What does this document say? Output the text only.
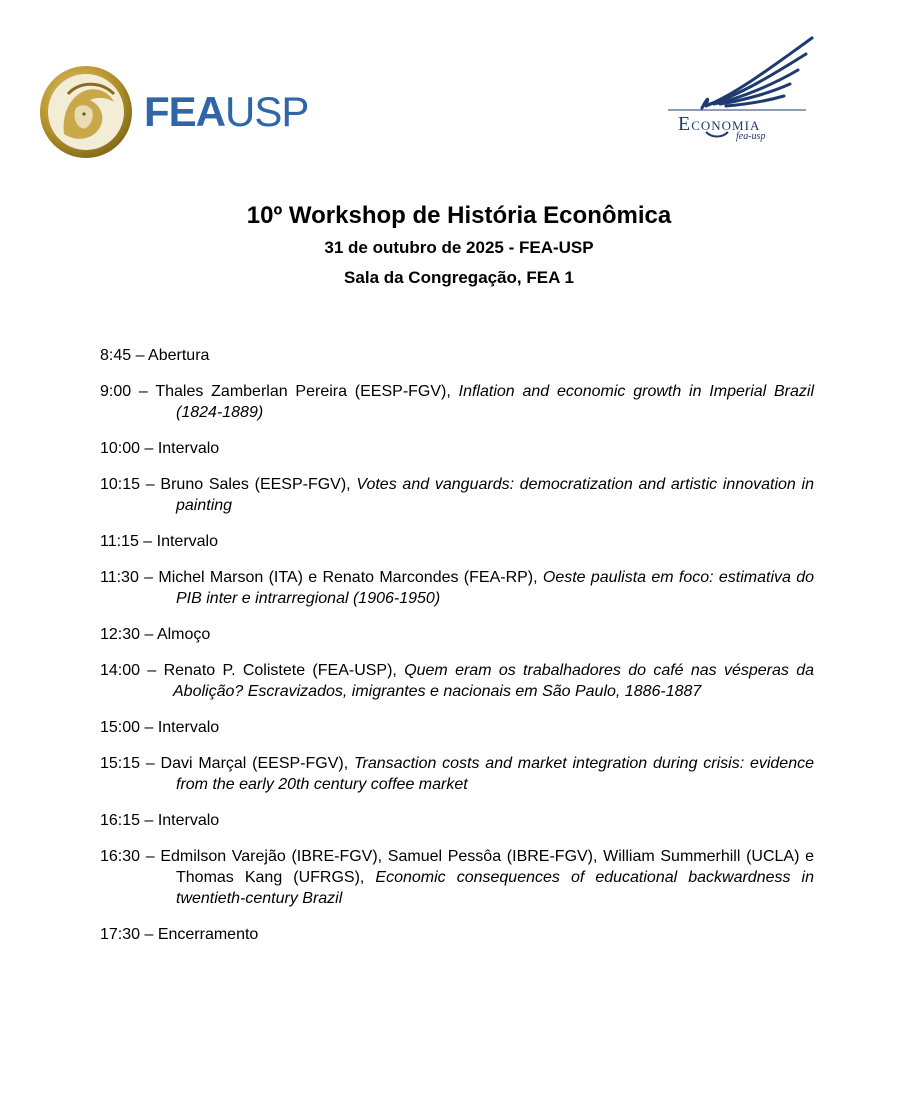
FEAUSP	ECONOMIA
fea-usp

10º Workshop de História Econômica

31 de outubro de 2025 - FEA-USP

Sala da Congregação, FEA 1

8:45 – Abertura

9:00 – Thales Zamberlan Pereira (EESP-FGV), Inflation and economic growth in Imperial Brazil (1824-1889)

10:00 – Intervalo

10:15 – Bruno Sales (EESP-FGV), Votes and vanguards: democratization and artistic innovation in painting

11:15 – Intervalo

11:30 – Michel Marson (ITA) e Renato Marcondes (FEA-RP), Oeste paulista em foco: estimativa do PIB inter e intrarregional (1906-1950)

12:30 – Almoço

14:00 – Renato P. Colistete (FEA-USP), Quem eram os trabalhadores do café nas vésperas da Abolição? Escravizados, imigrantes e nacionais em São Paulo, 1886-1887

15:00 – Intervalo

15:15 – Davi Marçal (EESP-FGV), Transaction costs and market integration during crisis: evidence from the early 20th century coffee market

16:15 – Intervalo

16:30 – Edmilson Varejão (IBRE-FGV), Samuel Pessôa (IBRE-FGV), William Summerhill (UCLA) e Thomas Kang (UFRGS), Economic consequences of educational backwardness in twentieth-century Brazil

17:30 – Encerramento
